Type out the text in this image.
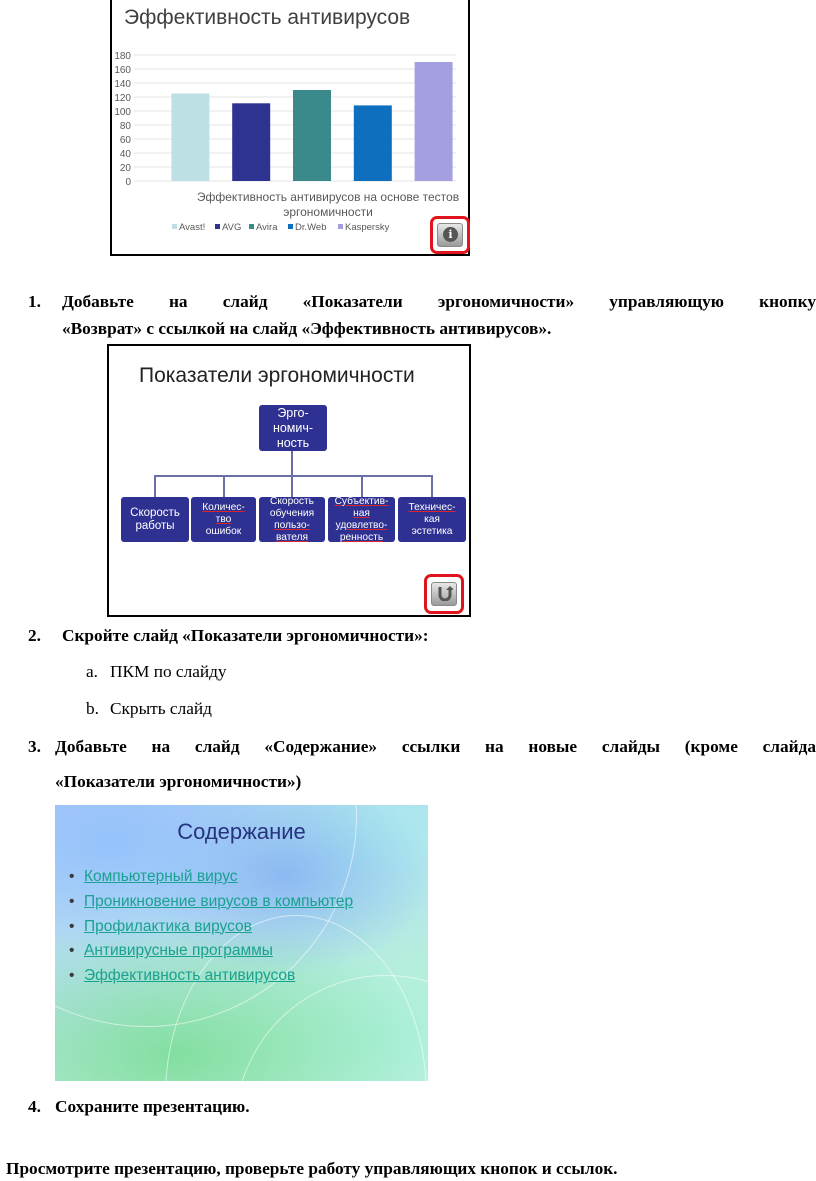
Эффективность антивирусов
0
20
40
60
80
100
120
140
160
180
Эффективность антивирусов на основе тестов
эргономичности
Avast! AVG Avira Dr.Web Kaspersky
i
1.	Добавьте на слайд «Показатели эргономичности» управляющую кнопку
«Возврат» с ссылкой на слайд «Эффективность антивирусов».
Показатели эргономичности
Эрго-
номич-
ность
Скорость
работы
Количес-
тво
ошибок
Скорость
обучения
пользо-
вателя
Субъектив-
ная
удовлетво-
ренность
Техничес-
кая
эстетика
2. Скройте слайд «Показатели эргономичности»:
a. ПКМ по слайду
b. Скрыть слайд
3. Добавьте на слайд «Содержание» ссылки на новые слайды (кроме слайда
«Показатели эргономичности»)
Содержание
• Компьютерный вирус
• Проникновение вирусов в компьютер
• Профилактика вирусов
• Антивирусные программы
• Эффективность антивирусов
4. Сохраните презентацию.
Просмотрите презентацию, проверьте работу управляющих кнопок и ссылок.
